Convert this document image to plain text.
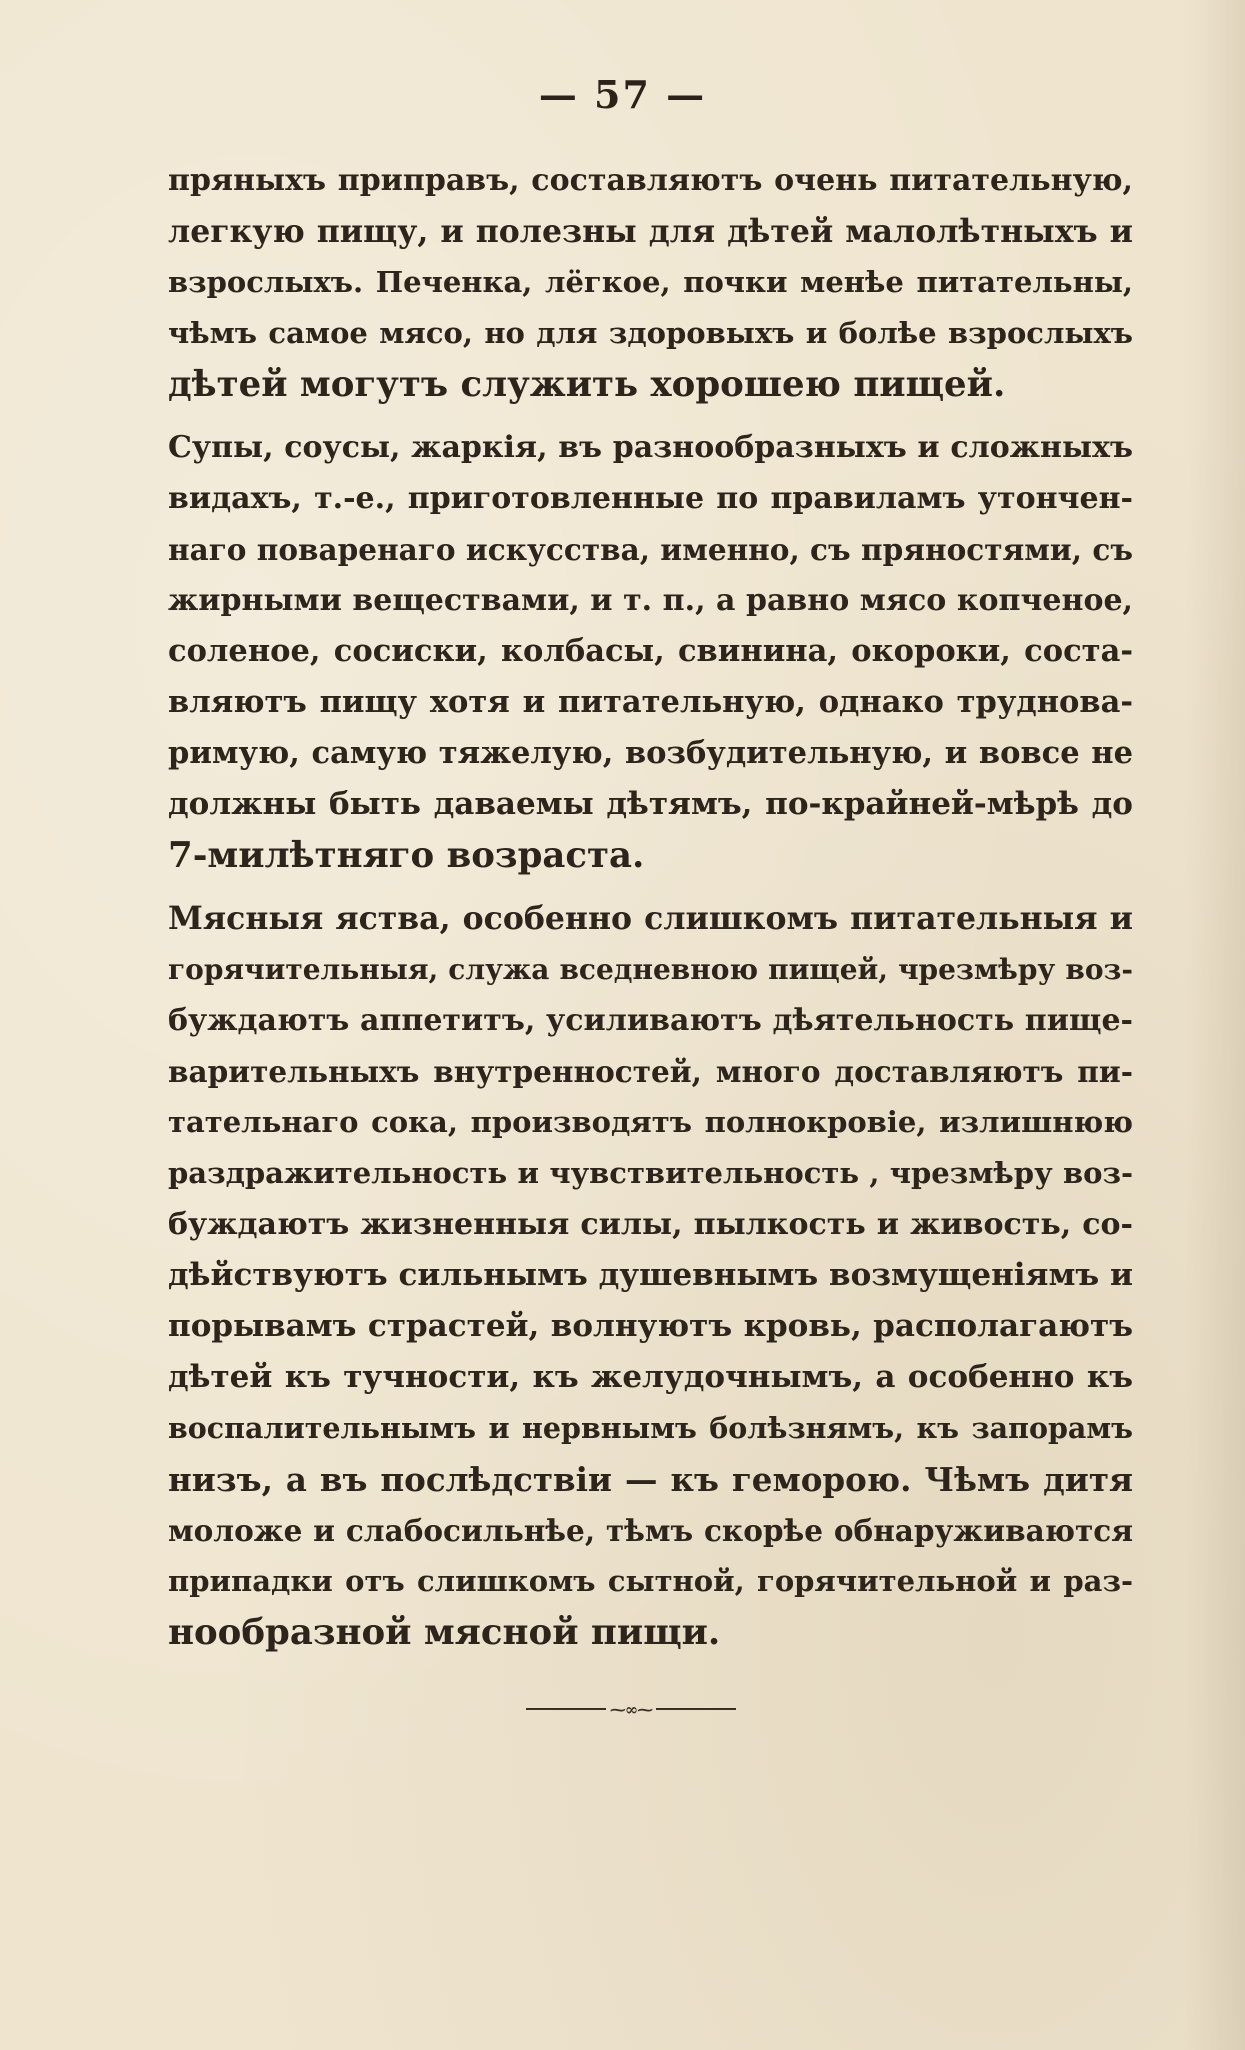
— 57 —
пряныхъ приправъ, составляютъ очень питательную,
легкую пищу, и полезны для дѣтей малолѣтныхъ и
взрослыхъ. Печенка, лёгкое, почки менѣе питательны,
чѣмъ самое мясо, но для здоровыхъ и болѣе взрослыхъ
дѣтей могутъ служить хорошею пищей.
Супы, соусы, жаркія, въ разнообразныхъ и сложныхъ
видахъ, т.-е., приготовленные по правиламъ утончен-
наго поваренаго искусства, именно, съ пряностями, съ
жирными веществами, и т. п., а равно мясо копченое,
соленое, сосиски, колбасы, свинина, окороки, соста-
вляютъ пищу хотя и питательную, однако трудновa-
римую, самую тяжелую, возбудительную, и вовсе не
должны быть даваемы дѣтямъ, по-крайней-мѣрѣ до
7-милѣтняго возраста.
Мясныя яства, особенно слишкомъ питательныя и
горячительныя, служа вседневною пищей, чрезмѣру воз-
буждаютъ аппетитъ, усиливаютъ дѣятельность пище-
варительныхъ внутренностей, много доставляютъ пи-
тательнаго сока, производятъ полнокровіе, излишнюю
раздражительность и чувствительность , чрезмѣру воз-
буждаютъ жизненныя силы, пылкость и живость, со-
дѣйствуютъ сильнымъ душевнымъ возмущеніямъ и
порывамъ страстей, волнуютъ кровь, располагаютъ
дѣтей къ тучности, къ желудочнымъ, а особенно къ
воспалительнымъ и нервнымъ болѣзнямъ, къ запорамъ
низъ, а въ послѣдствіи — къ геморою. Чѣмъ дитя
моложе и слабосильнѣе, тѣмъ скорѣе обнаруживаются
припадки отъ слишкомъ сытной, горячительной и раз-
нообразной мясной пищи.
⁓∞⁓
